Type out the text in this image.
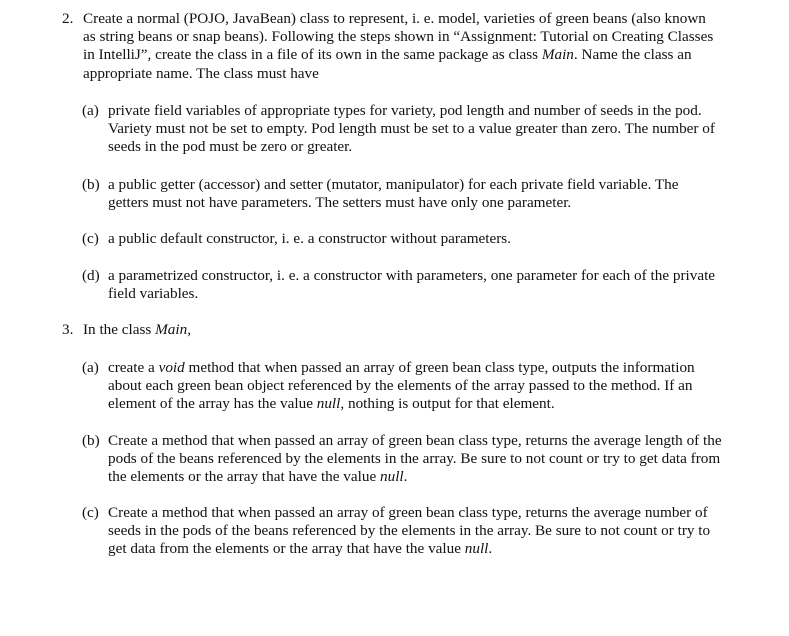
2. Create a normal (POJO, JavaBean) class to represent, i. e. model, varieties of green beans (also known
as string beans or snap beans). Following the steps shown in “Assignment: Tutorial on Creating Classes
in IntelliJ”, create the class in a file of its own in the same package as class Main. Name the class an
appropriate name. The class must have
(a) private field variables of appropriate types for variety, pod length and number of seeds in the pod.
Variety must not be set to empty. Pod length must be set to a value greater than zero. The number of
seeds in the pod must be zero or greater.
(b) a public getter (accessor) and setter (mutator, manipulator) for each private field variable. The
getters must not have parameters. The setters must have only one parameter.
(c) a public default constructor, i. e. a constructor without parameters.
(d) a parametrized constructor, i. e. a constructor with parameters, one parameter for each of the private
field variables.
3. In the class Main,
(a) create a void method that when passed an array of green bean class type, outputs the information
about each green bean object referenced by the elements of the array passed to the method. If an
element of the array has the value null, nothing is output for that element.
(b) Create a method that when passed an array of green bean class type, returns the average length of the
pods of the beans referenced by the elements in the array. Be sure to not count or try to get data from
the elements or the array that have the value null.
(c) Create a method that when passed an array of green bean class type, returns the average number of
seeds in the pods of the beans referenced by the elements in the array. Be sure to not count or try to
get data from the elements or the array that have the value null.
